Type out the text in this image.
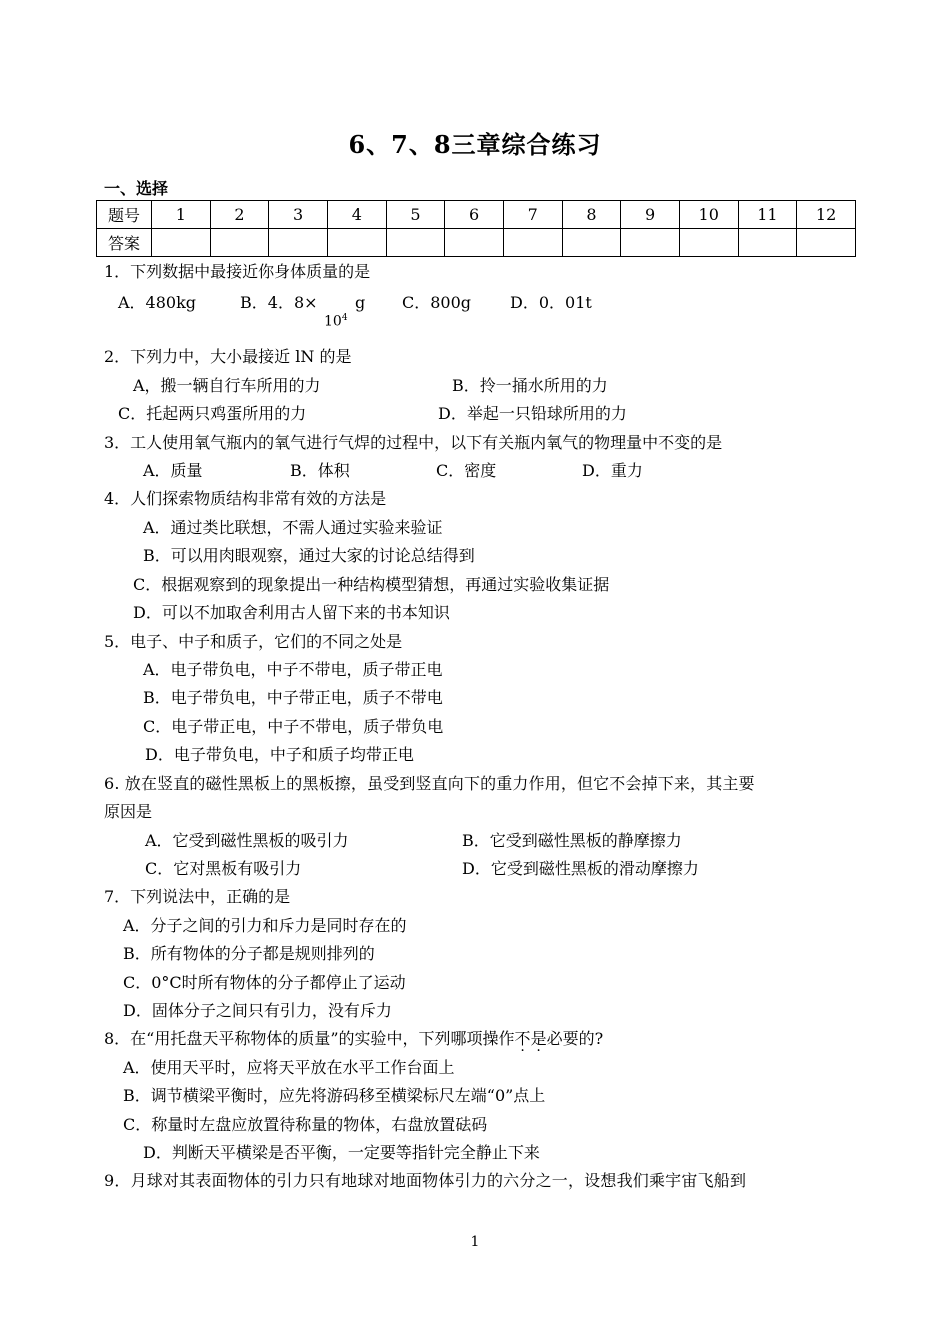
6、7、8三章综合练习
一、选择
题号	1	2	3	4	5	6	7	8	9	10	11	12
答案												
1．下列数据中最接近你身体质量的是
A．480kg	B．4．8×
$10^4$
g C．800g D．0．01t
2．下列力中，大小最接近 lN 的是
A，搬一辆自行车所用的力	B．拎一捅水所用的力
C．托起两只鸡蛋所用的力	D．举起一只铅球所用的力
3．工人使用氧气瓶内的氧气进行气焊的过程中，以下有关瓶内氧气的物理量中不变的是
A．质量	B．体积	C．密度	D．重力
4．人们探索物质结构非常有效的方法是
A．通过类比联想，不需人通过实验来验证
B．可以用肉眼观察，通过大家的讨论总结得到
C．根据观察到的现象提出一种结构模型猜想，再通过实验收集证据
D．可以不加取舍利用古人留下来的书本知识
5．电子、中子和质子，它们的不同之处是
A．电子带负电，中子不带电，质子带正电
B．电子带负电，中子带正电，质子不带电
C．电子带正电，中子不带电，质子带负电
D．电子带负电，中子和质子均带正电
6. 放在竖直的磁性黑板上的黑板擦，虽受到竖直向下的重力作用，但它不会掉下来，其主要
原因是
A．它受到磁性黑板的吸引力	B．它受到磁性黑板的静摩擦力
C．它对黑板有吸引力	D．它受到磁性黑板的滑动摩擦力
7．下列说法中，正确的是
A．分子之间的引力和斥力是同时存在的
B．所有物体的分子都是规则排列的
C．0°C时所有物体的分子都停止了运动
D．固体分子之间只有引力，没有斥力
8．在“用托盘天平称物体的质量”的实验中，下列哪项操作不是必要的?
A．使用天平时，应将天平放在水平工作台面上
B．调节横梁平衡时，应先将游码移至横梁标尺左端“0”点上
C．称量时左盘应放置待称量的物体，右盘放置砝码
D．判断天平横梁是否平衡，一定要等指针完全静止下来
9．月球对其表面物体的引力只有地球对地面物体引力的六分之一，设想我们乘宇宙飞船到
1
